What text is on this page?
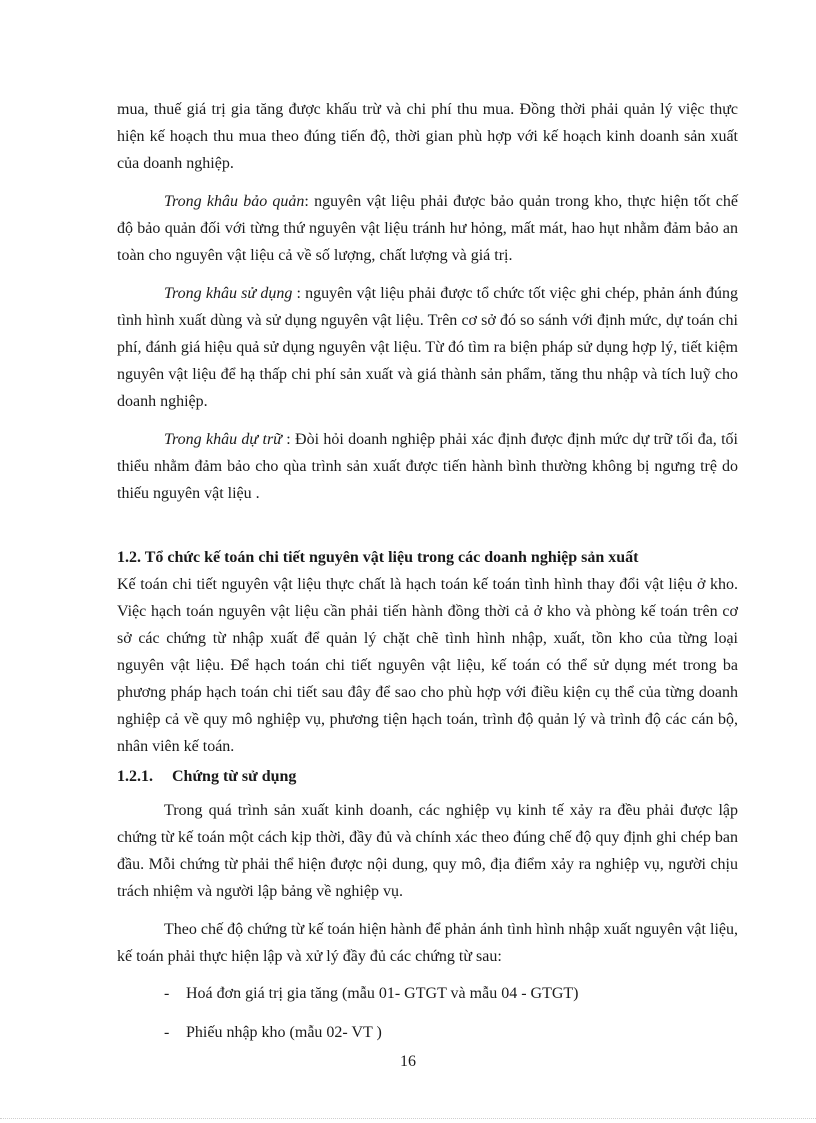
mua, thuế giá trị gia tăng được khấu trừ và chi phí thu mua. Đồng thời phải quản lý việc thực hiện kế hoạch thu mua theo đúng tiến độ, thời gian phù hợp với kế hoạch kinh doanh sản xuất của doanh nghiệp.

Trong khâu bảo quản: nguyên vật liệu phải được bảo quản trong kho, thực hiện tốt chế độ bảo quản đối với từng thứ nguyên vật liệu tránh hư hỏng, mất mát, hao hụt nhằm đảm bảo an toàn cho nguyên vật liệu cả về số lượng, chất lượng và giá trị.

Trong khâu sử dụng : nguyên vật liệu phải được tổ chức tốt việc ghi chép, phản ánh đúng tình hình xuất dùng và sử dụng nguyên vật liệu. Trên cơ sở đó so sánh với định mức, dự toán chi phí, đánh giá hiệu quả sử dụng nguyên vật liệu. Từ đó tìm ra biện pháp sử dụng hợp lý, tiết kiệm nguyên vật liệu để hạ thấp chi phí sản xuất và giá thành sản phẩm, tăng thu nhập và tích luỹ cho doanh nghiệp.

Trong khâu dự trữ : Đòi hỏi doanh nghiệp phải xác định được định mức dự trữ tối đa, tối thiểu nhằm đảm bảo cho qùa trình sản xuất được tiến hành bình thường không bị ngưng trệ do thiếu nguyên vật liệu .

1.2. Tổ chức kế toán chi tiết nguyên vật liệu trong các doanh nghiệp sản xuất

Kế toán chi tiết nguyên vật liệu thực chất là hạch toán kế toán tình hình thay đổi vật liệu ở kho. Việc hạch toán nguyên vật liệu cần phải tiến hành đồng thời cả ở kho và phòng kế toán trên cơ sở các chứng từ nhập xuất để quản lý chặt chẽ tình hình nhập, xuất, tồn kho của từng loại nguyên vật liệu. Để hạch toán chi tiết nguyên vật liệu, kế toán có thể sử dụng mét trong ba phương pháp hạch toán chi tiết sau đây để sao cho phù hợp với điều kiện cụ thể của từng doanh nghiệp cả về quy mô nghiệp vụ, phương tiện hạch toán, trình độ quản lý và trình độ các cán bộ, nhân viên kế toán.

1.2.1. Chứng từ sử dụng

Trong quá trình sản xuất kinh doanh, các nghiệp vụ kinh tế xảy ra đều phải được lập chứng từ kế toán một cách kịp thời, đầy đủ và chính xác theo đúng chế độ quy định ghi chép ban đầu. Mỗi chứng từ phải thể hiện được nội dung, quy mô, địa điểm xảy ra nghiệp vụ, người chịu trách nhiệm và người lập bảng về nghiệp vụ.

Theo chế độ chứng từ kế toán hiện hành để phản ánh tình hình nhập xuất nguyên vật liệu, kế toán phải thực hiện lập và xử lý đầy đủ các chứng từ sau:

- Hoá đơn giá trị gia tăng (mẫu 01- GTGT và mẫu 04 - GTGT)
- Phiếu nhập kho (mẫu 02- VT )
16
